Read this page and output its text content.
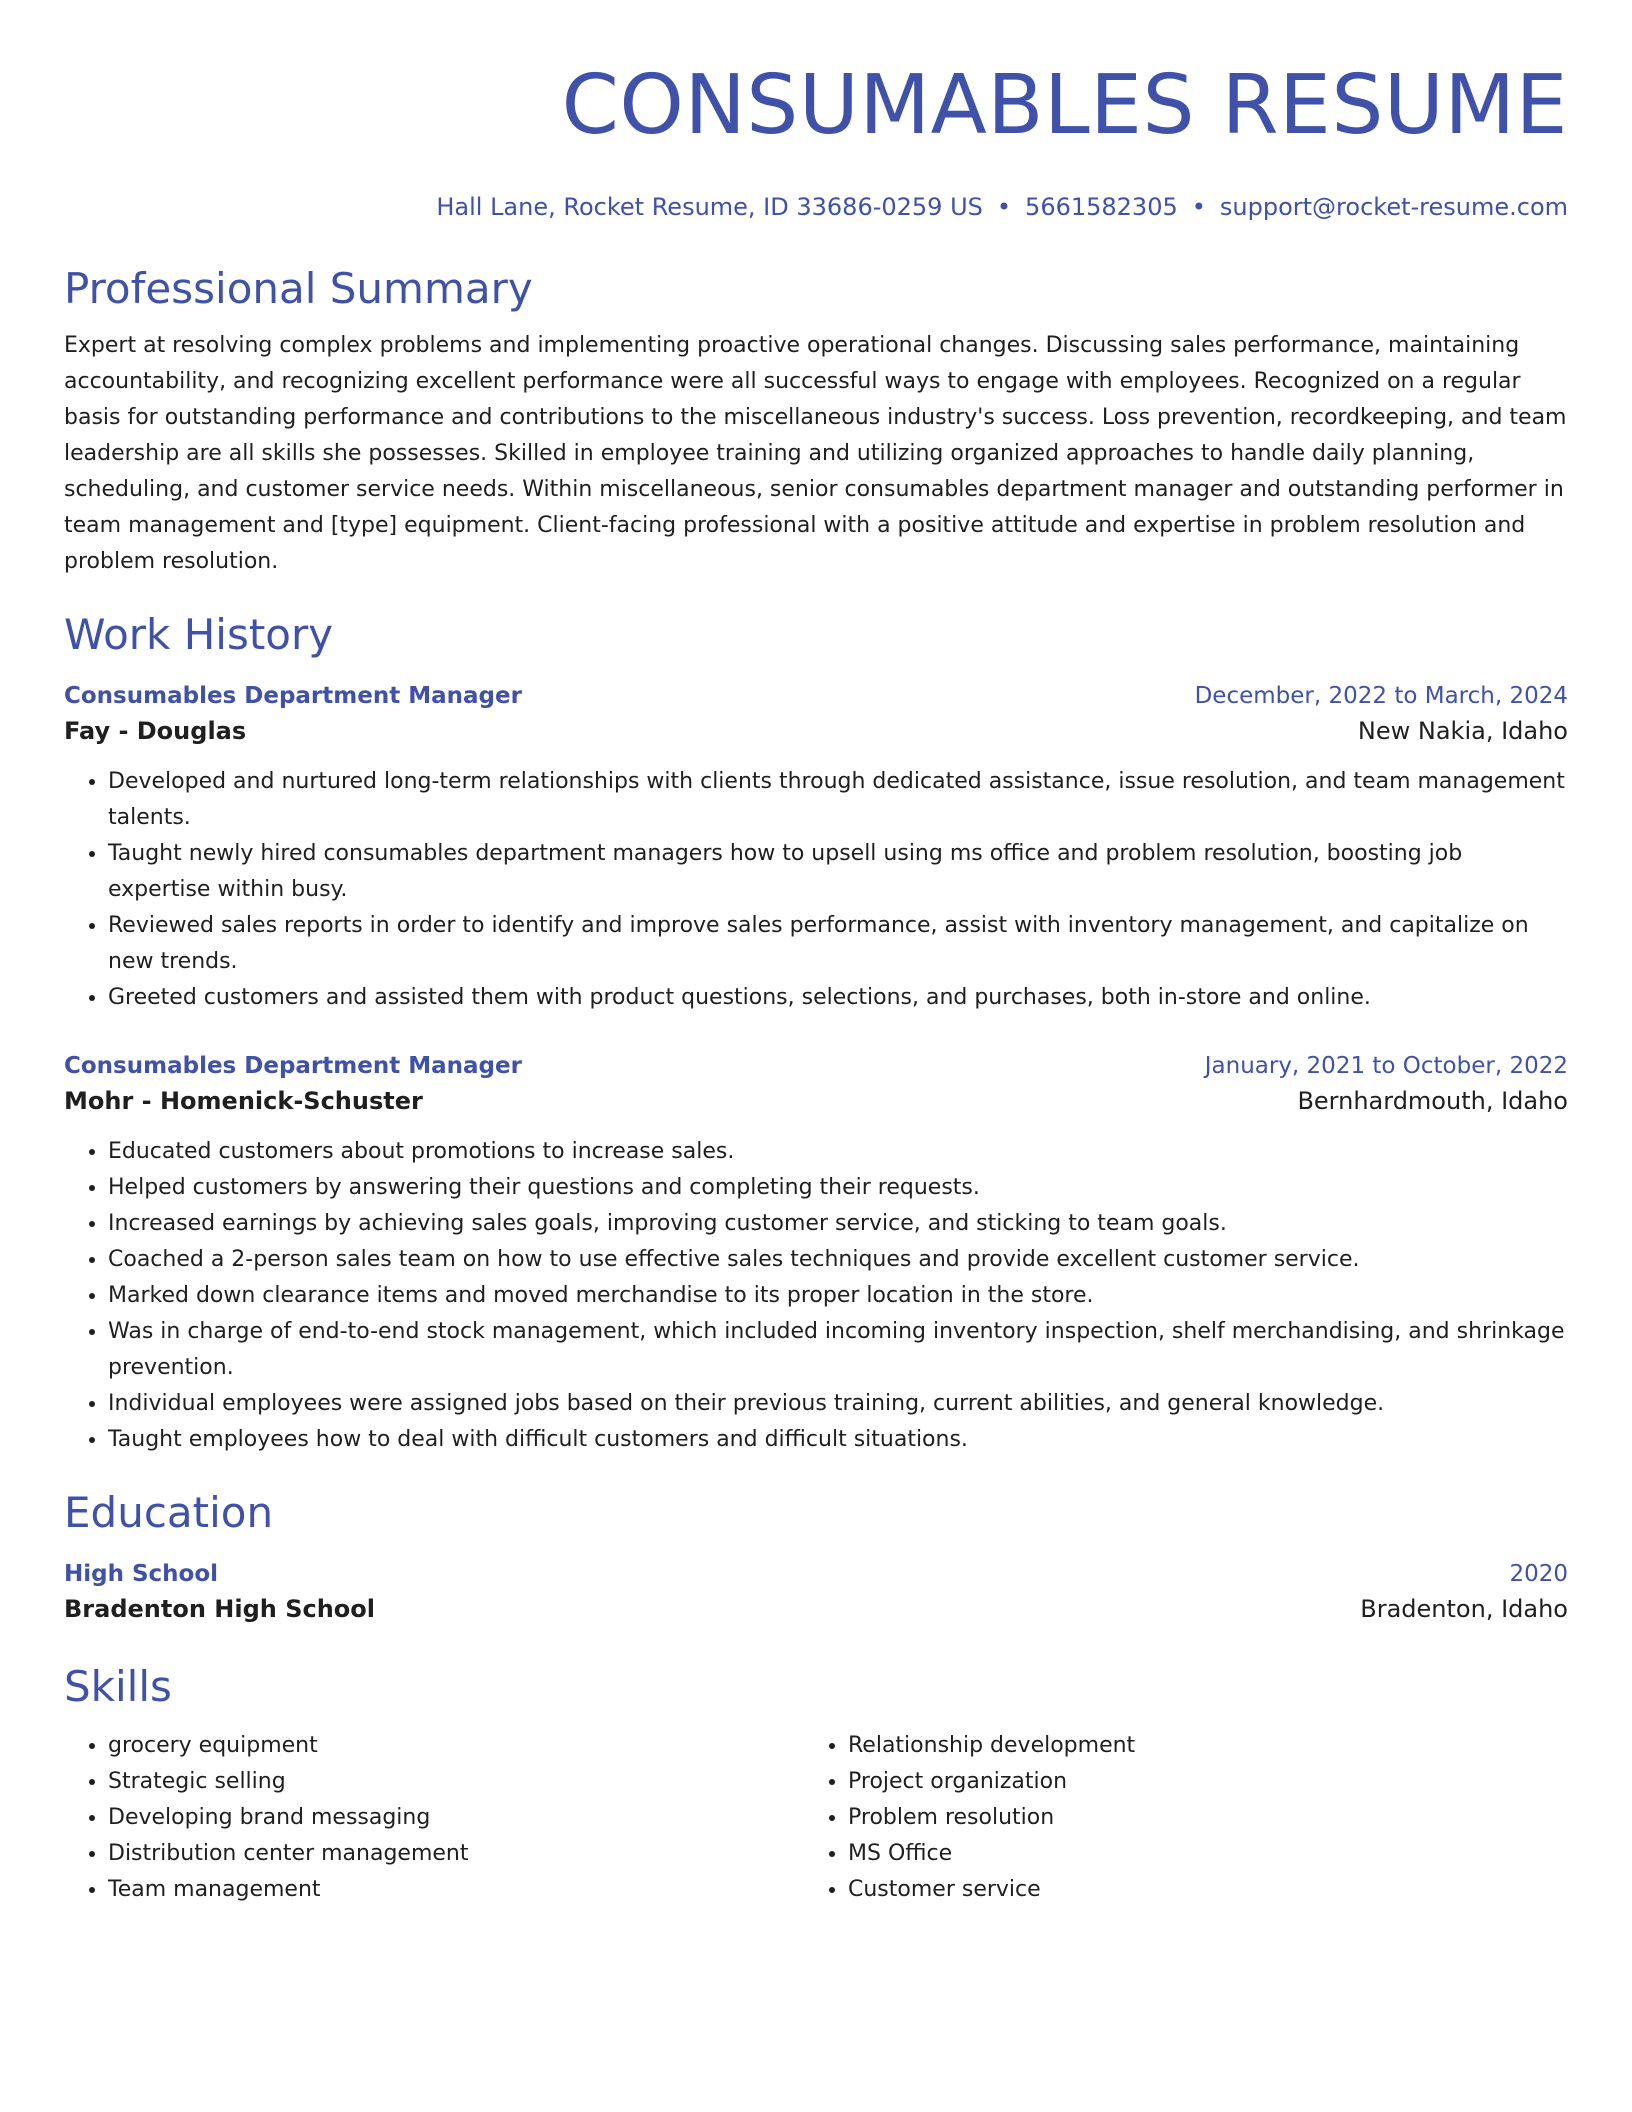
CONSUMABLES RESUME
Hall Lane, Rocket Resume, ID 33686-0259 US • 5661582305 • support@rocket-resume.com
Professional Summary
Expert at resolving complex problems and implementing proactive operational changes. Discussing sales performance, maintaining accountability, and recognizing excellent performance were all successful ways to engage with employees. Recognized on a regular basis for outstanding performance and contributions to the miscellaneous industry's success. Loss prevention, recordkeeping, and team leadership are all skills she possesses. Skilled in employee training and utilizing organized approaches to handle daily planning, scheduling, and customer service needs. Within miscellaneous, senior consumables department manager and outstanding performer in team management and [type] equipment. Client-facing professional with a positive attitude and expertise in problem resolution and problem resolution.
Work History
Consumables Department Manager	December, 2022 to March, 2024
Fay - Douglas	New Nakia, Idaho
• Developed and nurtured long-term relationships with clients through dedicated assistance, issue resolution, and team management talents.
• Taught newly hired consumables department managers how to upsell using ms office and problem resolution, boosting job expertise within busy.
• Reviewed sales reports in order to identify and improve sales performance, assist with inventory management, and capitalize on new trends.
• Greeted customers and assisted them with product questions, selections, and purchases, both in-store and online.
Consumables Department Manager	January, 2021 to October, 2022
Mohr - Homenick-Schuster	Bernhardmouth, Idaho
• Educated customers about promotions to increase sales.
• Helped customers by answering their questions and completing their requests.
• Increased earnings by achieving sales goals, improving customer service, and sticking to team goals.
• Coached a 2-person sales team on how to use effective sales techniques and provide excellent customer service.
• Marked down clearance items and moved merchandise to its proper location in the store.
• Was in charge of end-to-end stock management, which included incoming inventory inspection, shelf merchandising, and shrinkage prevention.
• Individual employees were assigned jobs based on their previous training, current abilities, and general knowledge.
• Taught employees how to deal with difficult customers and difficult situations.
Education
High School	2020
Bradenton High School	Bradenton, Idaho
Skills
• grocery equipment
• Strategic selling
• Developing brand messaging
• Distribution center management
• Team management
• Relationship development
• Project organization
• Problem resolution
• MS Office
• Customer service
